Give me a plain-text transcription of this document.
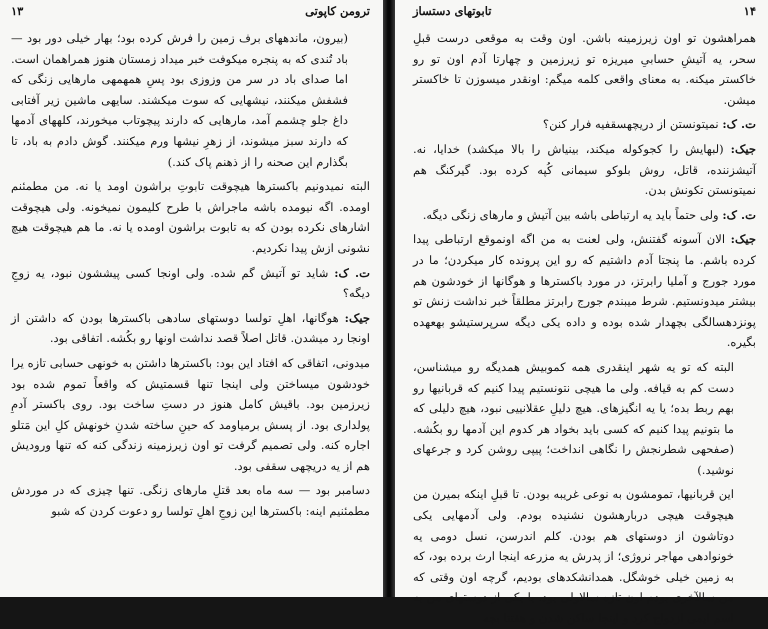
ترومن کاپوتی
۱۳

(بیرون، ماندههای برف زمین را فرش کرده بود؛ بهار خیلی دور بود — باد تُندی که به پنجره میکوفت خبر میداد زمستان هنوز همراهمان است. اما صدای باد در سر من وزوزی بود پسِ همهمهی مارهایی زنگی که فشفش میکنند، نیشهایی که سوت میکشند. سایهی ماشین زیر آفتابی داغ جلو چشمم آمد، مارهایی که دارند پیچوتاب میخورند، کلههای آدمها که دارند سبز میشوند، از زهرِ نیشها ورم میکنند. گوش دادم به باد، تا بگذارم این صحنه را از ذهنم پاک کند.)

البته نمیدونیم باکسترها هیچوقت تابوتِ براشون اومد یا نه. من مطمئنم اومده. اگه نیومده باشه ماجراش با طرح کلیمون نمیخونه. ولی هیچوقت اشارهای نکرده بودن که به تابوت براشون اومده یا نه. ما هم هیچوقت هیچ نشونی ازش پیدا نکردیم.

ت. ک: شاید تو آتیش گم شده. ولی اونجا کسی پیششون نبود، یه زوجِ دیگه؟

جیک: هوگانها، اهلِ تولسا دوستهای سادهی باکسترها بودن که داشتن از اونجا رد میشدن. قاتل اصلاً قصد نداشت اونها رو بکُشه. اتفاقی بود.

میدونی، اتفاقی که افتاد این بود: باکسترها داشتن به خونهی حسابی تازه یرا خودشون میساختن ولی اینجا تنها قسمتیش که واقعاً تموم شده بود زیرزمین بود. باقیش کامل هنوز در دستِ ساخت بود. روی باکستر آدمِ پولداری بود. از پسش برمیاومد که حینِ ساخته شدنِ خونهش کلِ این مَتلو اجاره کنه. ولی تصمیم گرفت تو اون زیرزمینه زندگی کنه که تنها ورودیش هم از یه دریچهی سقفی بود.

دسامبر بود — سه ماه بعد قتلِ مارهای زنگی. تنها چیزی که در موردش مطمئنیم اینه: باکسترها این زوجِ اهلِ تولسا رو دعوت کردن که شبو

۱۴
تابوتهای دستساز

همراهشون تو اون زیرزمینه باشن. اون وقت به موقعی درست قبلِ سحر، یه آتیشِ حسابیِ میریزه تو زیرزمین و چهارتا آدم اون تو رو خاکستر میکنه. به معنای واقعی کلمه میگم: اونقدر میسوزن تا خاکستر میشن.

ت. ک: نمیتونستن از دریچهسقفیه فرار کنن؟

جیک: (لبهایش را کجوکوله میکند، بینیاش را بالا میکشد) خدایا، نه. آتیشزننده، قاتل، روش بلوکو سیمانی کُپه کرده بود. گیرکنگ هم نمیتونستن تکونش بدن.

ت. ک: ولی حتماً باید یه ارتباطی باشه بین آتیش و مارهای زنگی دیگه.

جیک: الان آسونه گفتنش، ولی لعنت به من اگه اونموقع ارتباطی پیدا کرده باشم. ما پنجتا آدم داشتیم که رو این پرونده کار میکردن؛ ما در مورد جورج و آملیا رابرتز، در مورد باکسترها و هوگانها از خودشون هم بیشتر میدونستیم. شرط میبندم جورج رابرتز مطلقاً خبر نداشت زنش تو پونزدهسالگی بچهدار شده بوده و داده یکی دیگه سرپرستیشو بهعهده بگیره.

البته که تو یه شهر اینقدری همه کموبیش همدیگه رو میشناسن، دست کم به قیافه. ولی ما هیچی نتونستیم پیدا کنیم که قربانیها رو بهم ربط بده؛ یا یه انگیزهای. هیچ دلیلِ عقلانییی نبود، هیچ دلیلی که ما بتونیم پیدا کنیم که کسی باید بخواد هر کدوم این آدمها رو بکُشه. (صفحهی شطرنجش را نگاهی انداخت؛ پیپی روشن کرد و جرعهای نوشید.)

این قربانیها، تمومشون به نوعی غریبه بودن. تا قبلِ اینکه بمیرن من هیچوقت هیچی دربارهشون نشنیده بودم. ولی آدمهایی یکی دوتاشون از دوستهای هم بودن. کلم اندرسن، نسل دومی یه خونوادهی مهاجر نروژی؛ از پدرش یه مزرعه اینجا ارث برده بود، که به زمین خیلی خوشگل. همدانشکدهای بودیم، گرچه اون وقتی که من سالآخری بودم اون تازه سالاولی بود. با یکی از دوستهای من به اسم ایمی ازدواج کرد و اینجا ساکن شدن و هفتتا بچه
